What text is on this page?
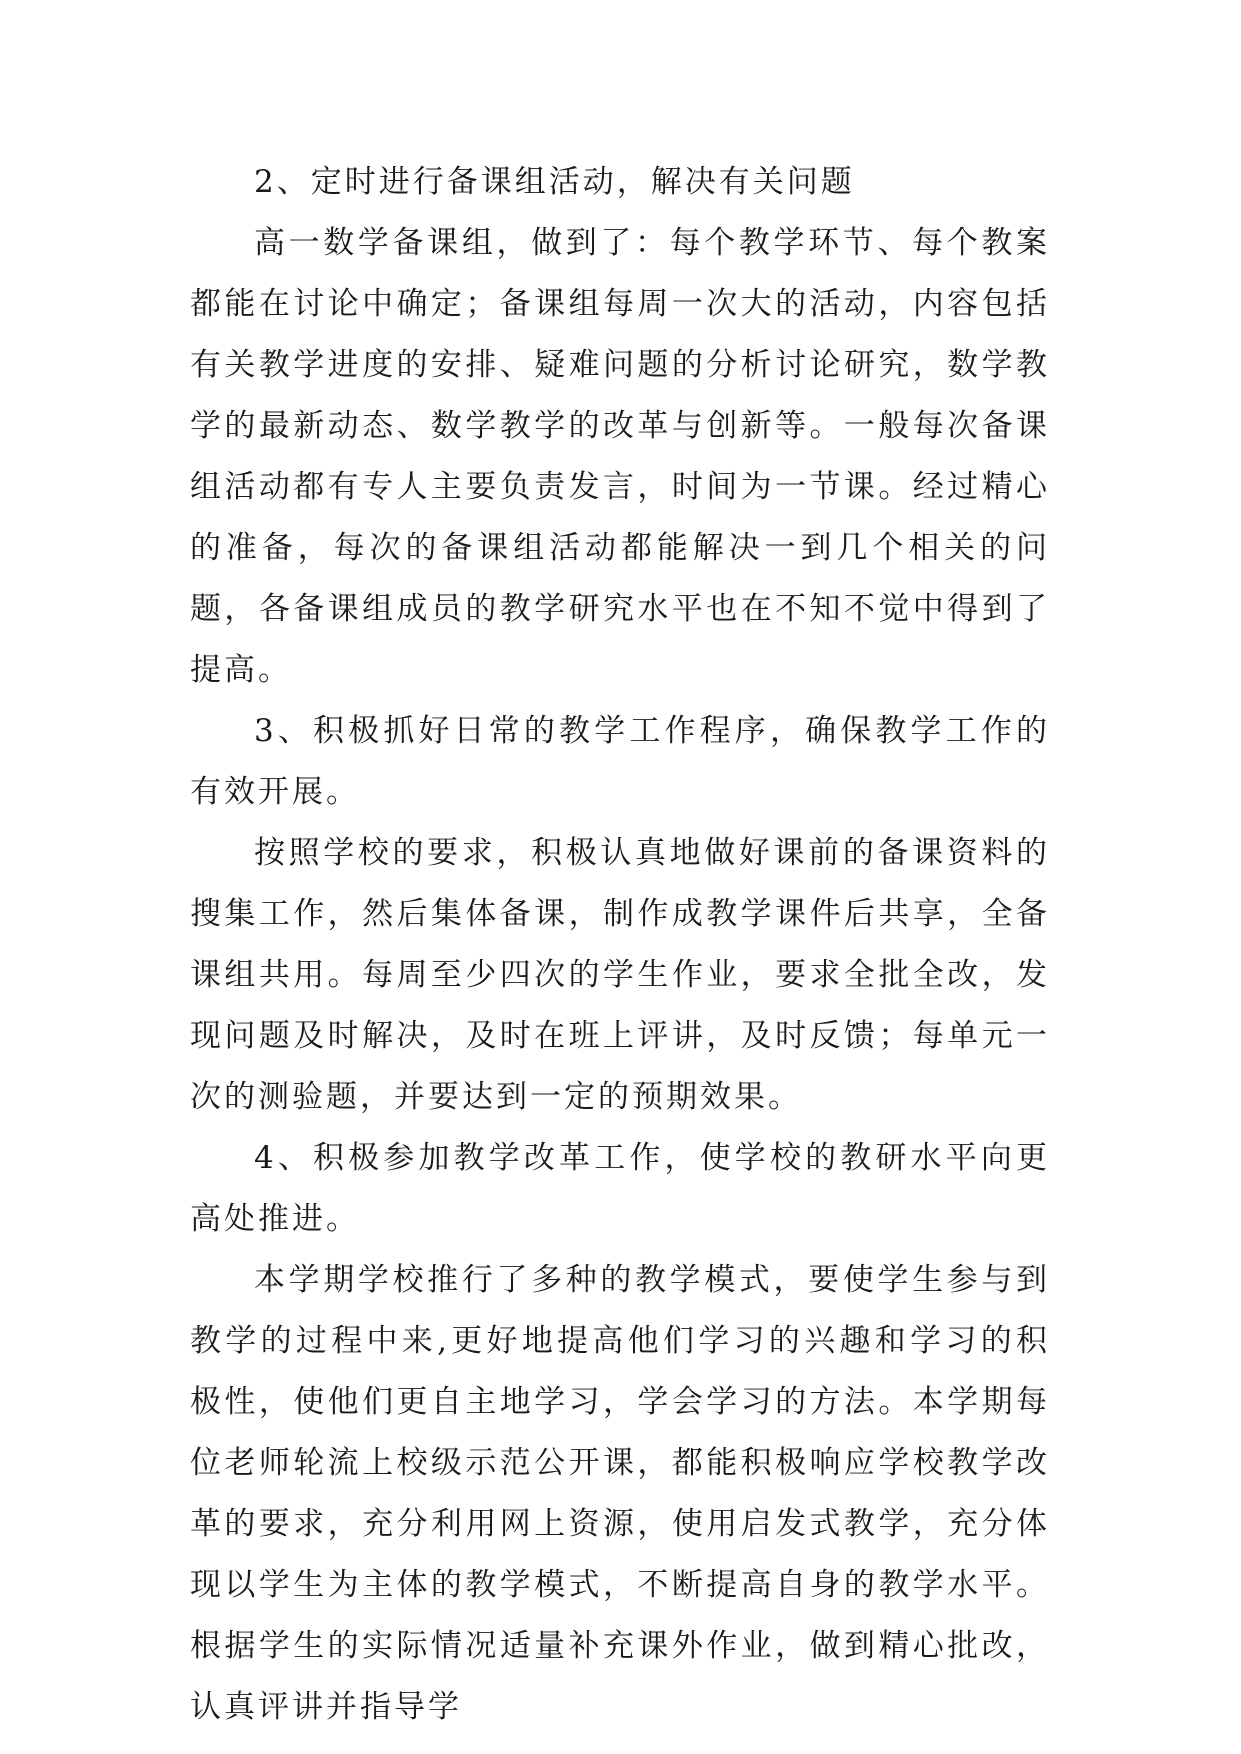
2、定时进行备课组活动，解决有关问题

高一数学备课组，做到了：每个教学环节、每个教案都能在讨论中确定；备课组每周一次大的活动，内容包括有关教学进度的安排、疑难问题的分析讨论研究，数学教学的最新动态、数学教学的改革与创新等。一般每次备课组活动都有专人主要负责发言，时间为一节课。经过精心的准备，每次的备课组活动都能解决一到几个相关的问题，各备课组成员的教学研究水平也在不知不觉中得到了提高。

3、积极抓好日常的教学工作程序，确保教学工作的有效开展。

按照学校的要求，积极认真地做好课前的备课资料的搜集工作，然后集体备课，制作成教学课件后共享，全备课组共用。每周至少四次的学生作业，要求全批全改，发现问题及时解决，及时在班上评讲，及时反馈；每单元一次的测验题，并要达到一定的预期效果。

4、积极参加教学改革工作，使学校的教研水平向更高处推进。

本学期学校推行了多种的教学模式，要使学生参与到教学的过程中来,更好地提高他们学习的兴趣和学习的积极性，使他们更自主地学习，学会学习的方法。本学期每位老师轮流上校级示范公开课，都能积极响应学校教学改革的要求，充分利用网上资源，使用启发式教学，充分体现以学生为主体的教学模式，不断提高自身的教学水平。根据学生的实际情况适量补充课外作业，做到精心批改，认真评讲并指导学
